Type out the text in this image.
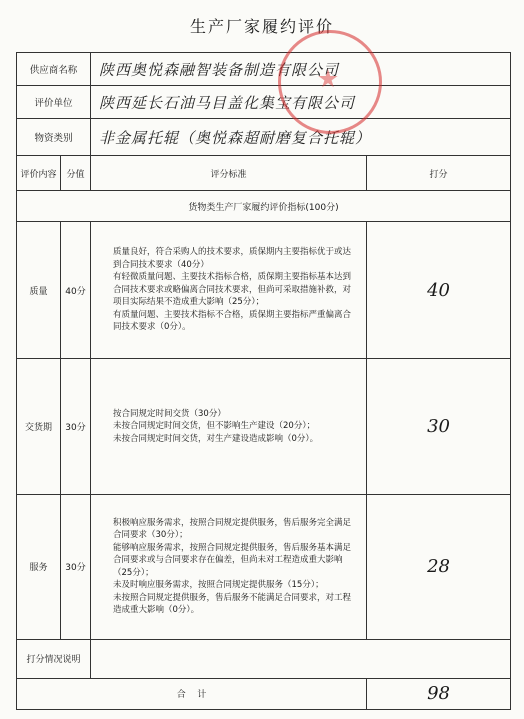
生产厂家履约评价
供应商名称		陕西奥悦森融智装备制造有限公司	
评价单位		陕西延长石油马目盖化集宝有限公司	
物资类别		非金属托辊（奥悦森超耐磨复合托辊）	
评价内容	分值	评分标准	打分
货物类生产厂家履约评价指标(100分)			
质量	40分	质量良好，符合采购人的技术要求，质保期内主要指标优于或达到合同技术要求（40分）
有轻微质量问题、主要技术指标合格，质保期主要指标基本达到合同技术要求或略偏离合同技术要求，但尚可采取措施补救，对项目实际结果不造成重大影响（25分）；
有质量问题、主要技术指标不合格，质保期主要指标严重偏离合同技术要求（0分）。	40
交货期	30分	按合同规定时间交货（30分）
未按合同规定时间交货，但不影响生产建设（20分）；
未按合同规定时间交货，对生产建设造成影响（0分）。	30
服务	30分	积极响应服务需求，按照合同规定提供服务，售后服务完全满足合同要求（30分）；
能够响应服务需求，按照合同规定提供服务，售后服务基本满足合同要求或与合同要求存在偏差，但尚未对工程造成重大影响（25分）；
未及时响应服务需求，按照合同规定提供服务（15分）；
未按照合同规定提供服务，售后服务不能满足合同要求，对工程造成重大影响（0分）。	28
打分情况说明			
合    计			98
